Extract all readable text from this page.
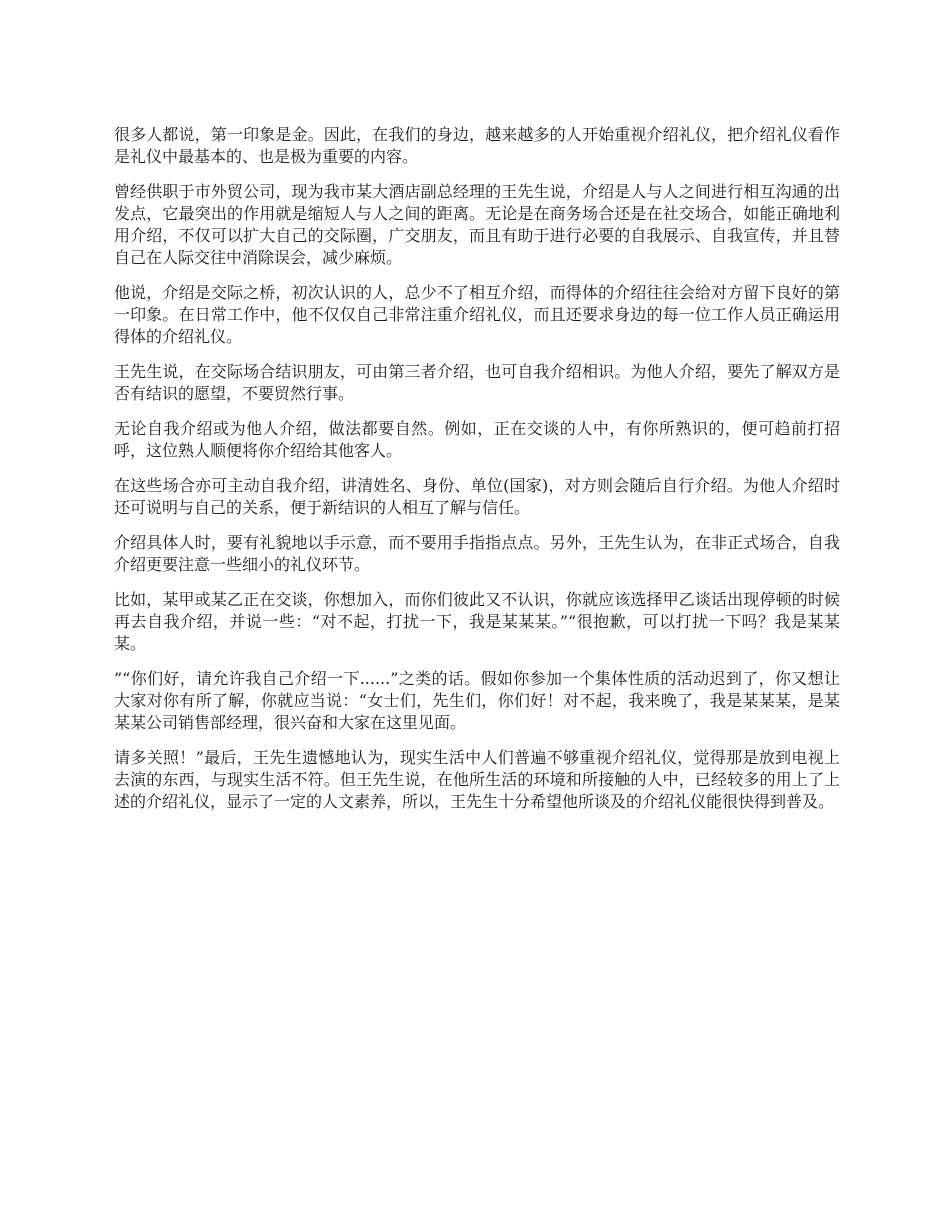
很多人都说，第一印象是金。因此，在我们的身边，越来越多的人开始重视介绍礼仪，把介绍礼仪看作是礼仪中最基本的、也是极为重要的内容。

曾经供职于市外贸公司，现为我市某大酒店副总经理的王先生说，介绍是人与人之间进行相互沟通的出发点，它最突出的作用就是缩短人与人之间的距离。无论是在商务场合还是在社交场合，如能正确地利用介绍，不仅可以扩大自己的交际圈，广交朋友，而且有助于进行必要的自我展示、自我宣传，并且替自己在人际交往中消除误会，减少麻烦。

他说，介绍是交际之桥，初次认识的人，总少不了相互介绍，而得体的介绍往往会给对方留下良好的第一印象。在日常工作中，他不仅仅自己非常注重介绍礼仪，而且还要求身边的每一位工作人员正确运用得体的介绍礼仪。

王先生说，在交际场合结识朋友，可由第三者介绍，也可自我介绍相识。为他人介绍，要先了解双方是否有结识的愿望，不要贸然行事。

无论自我介绍或为他人介绍，做法都要自然。例如，正在交谈的人中，有你所熟识的，便可趋前打招呼，这位熟人顺便将你介绍给其他客人。

在这些场合亦可主动自我介绍，讲清姓名、身份、单位(国家)，对方则会随后自行介绍。为他人介绍时还可说明与自己的关系，便于新结识的人相互了解与信任。

介绍具体人时，要有礼貌地以手示意，而不要用手指指点点。另外，王先生认为，在非正式场合，自我介绍更要注意一些细小的礼仪环节。

比如，某甲或某乙正在交谈，你想加入，而你们彼此又不认识，你就应该选择甲乙谈话出现停顿的时候再去自我介绍，并说一些：“对不起，打扰一下，我是某某某。”“很抱歉，可以打扰一下吗？我是某某某。

”“你们好，请允许我自己介绍一下......”之类的话。假如你参加一个集体性质的活动迟到了，你又想让大家对你有所了解，你就应当说：“女士们，先生们，你们好！对不起，我来晚了，我是某某某，是某某某公司销售部经理，很兴奋和大家在这里见面。

请多关照！”最后，王先生遗憾地认为，现实生活中人们普遍不够重视介绍礼仪，觉得那是放到电视上去演的东西，与现实生活不符。但王先生说，在他所生活的环境和所接触的人中，已经较多的用上了上述的介绍礼仪，显示了一定的人文素养，所以，王先生十分希望他所谈及的介绍礼仪能很快得到普及。
